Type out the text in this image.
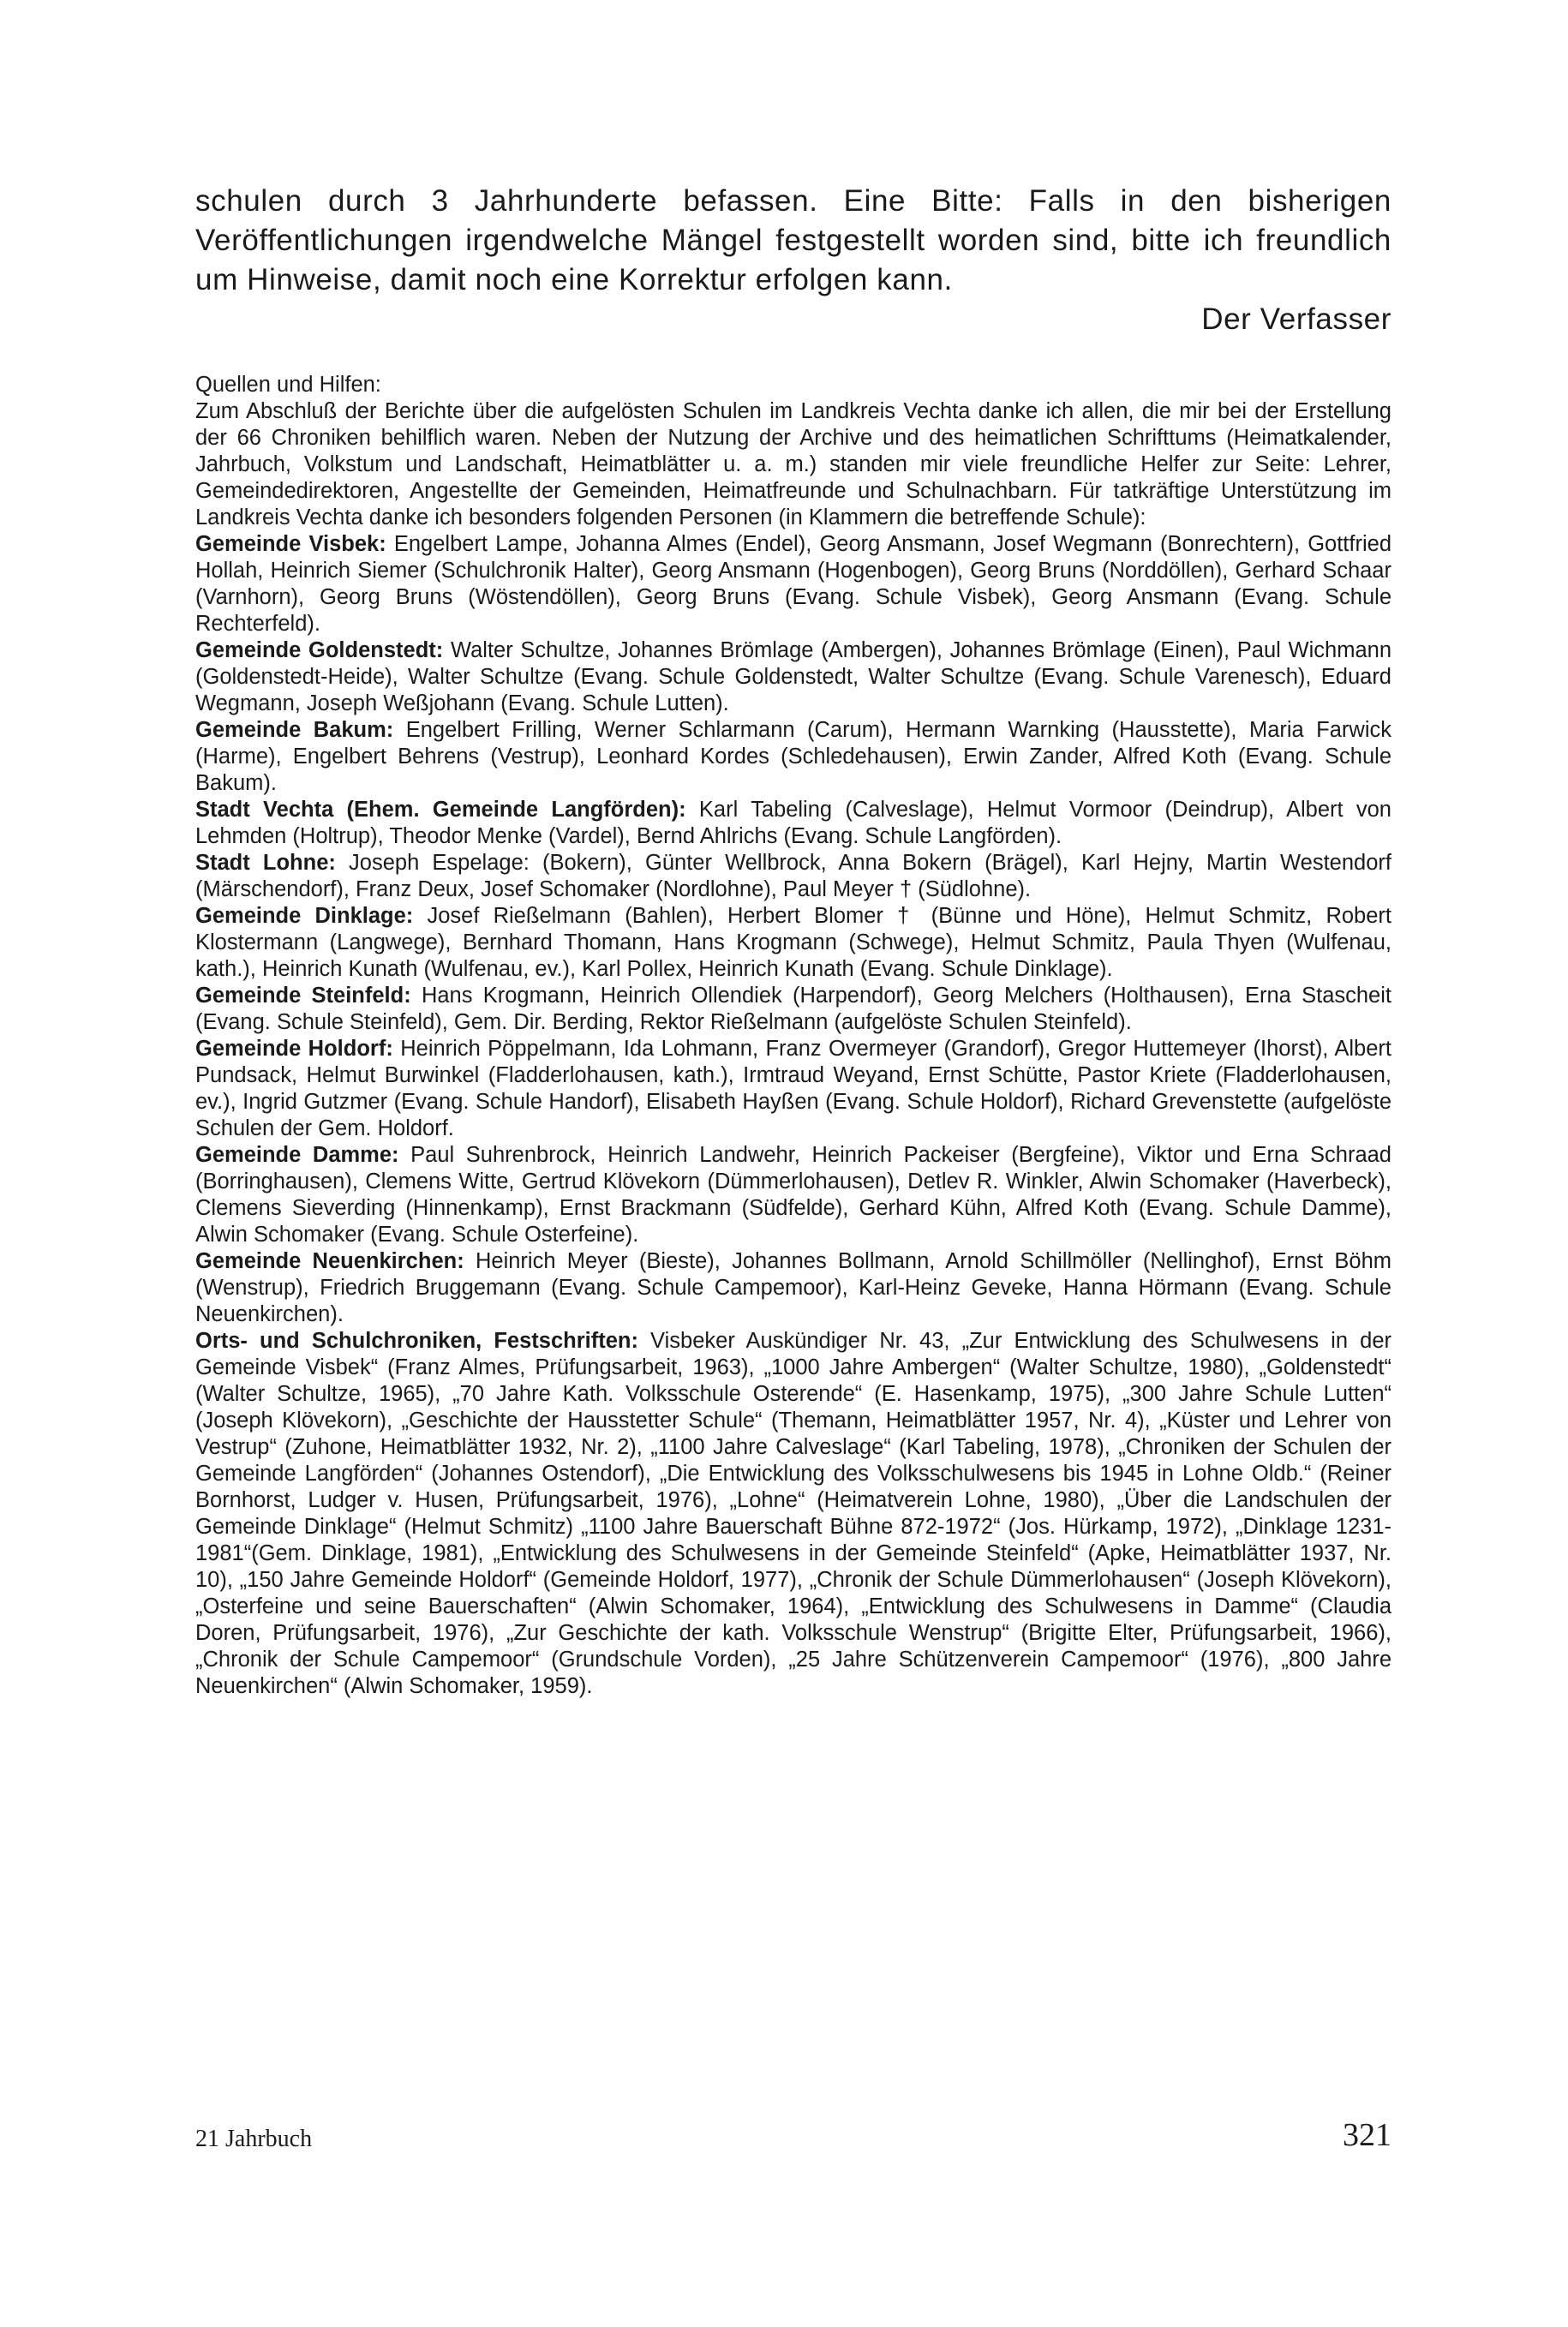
schulen durch 3 Jahrhunderte befassen. Eine Bitte: Falls in den bisherigen Veröffentlichungen irgendwelche Mängel festgestellt worden sind, bitte ich freundlich um Hinweise, damit noch eine Korrektur erfolgen kann.

Der Verfasser

Quellen und Hilfen:

Zum Abschluß der Berichte über die aufgelösten Schulen im Landkreis Vechta danke ich allen, die mir bei der Erstellung der 66 Chroniken behilflich waren. Neben der Nutzung der Archive und des heimatlichen Schrifttums (Heimatkalender, Jahrbuch, Volkstum und Landschaft, Heimatblätter u. a. m.) standen mir viele freundliche Helfer zur Seite: Lehrer, Gemeindedirektoren, Angestellte der Gemeinden, Heimatfreunde und Schulnachbarn. Für tatkräftige Unterstützung im Landkreis Vechta danke ich besonders folgenden Personen (in Klammern die betreffende Schule):

Gemeinde Visbek: Engelbert Lampe, Johanna Almes (Endel), Georg Ansmann, Josef Wegmann (Bonrechtern), Gottfried Hollah, Heinrich Siemer (Schulchronik Halter), Georg Ansmann (Hogenbogen), Georg Bruns (Norddöllen), Gerhard Schaar (Varnhorn), Georg Bruns (Wöstendöllen), Georg Bruns (Evang. Schule Visbek), Georg Ansmann (Evang. Schule Rechterfeld).

Gemeinde Goldenstedt: Walter Schultze, Johannes Brömlage (Ambergen), Johannes Brömlage (Einen), Paul Wichmann (Goldenstedt-Heide), Walter Schultze (Evang. Schule Goldenstedt, Walter Schultze (Evang. Schule Varenesch), Eduard Wegmann, Joseph Weßjohann (Evang. Schule Lutten).

Gemeinde Bakum: Engelbert Frilling, Werner Schlarmann (Carum), Hermann Warnking (Hausstette), Maria Farwick (Harme), Engelbert Behrens (Vestrup), Leonhard Kordes (Schledehausen), Erwin Zander, Alfred Koth (Evang. Schule Bakum).

Stadt Vechta (Ehem. Gemeinde Langförden): Karl Tabeling (Calveslage), Helmut Vormoor (Deindrup), Albert von Lehmden (Holtrup), Theodor Menke (Vardel), Bernd Ahlrichs (Evang. Schule Langförden).

Stadt Lohne: Joseph Espelage: (Bokern), Günter Wellbrock, Anna Bokern (Brägel), Karl Hejny, Martin Westendorf (Märschendorf), Franz Deux, Josef Schomaker (Nordlohne), Paul Meyer † (Südlohne).

Gemeinde Dinklage: Josef Rießelmann (Bahlen), Herbert Blomer † (Bünne und Höne), Helmut Schmitz, Robert Klostermann (Langwege), Bernhard Thomann, Hans Krogmann (Schwege), Helmut Schmitz, Paula Thyen (Wulfenau, kath.), Heinrich Kunath (Wulfenau, ev.), Karl Pollex, Heinrich Kunath (Evang. Schule Dinklage).

Gemeinde Steinfeld: Hans Krogmann, Heinrich Ollendiek (Harpendorf), Georg Melchers (Holthausen), Erna Stascheit (Evang. Schule Steinfeld), Gem. Dir. Berding, Rektor Rießelmann (aufgelöste Schulen Steinfeld).

Gemeinde Holdorf: Heinrich Pöppelmann, Ida Lohmann, Franz Overmeyer (Grandorf), Gregor Huttemeyer (Ihorst), Albert Pundsack, Helmut Burwinkel (Fladderlohausen, kath.), Irmtraud Weyand, Ernst Schütte, Pastor Kriete (Fladderlohausen, ev.), Ingrid Gutzmer (Evang. Schule Handorf), Elisabeth Hayßen (Evang. Schule Holdorf), Richard Grevenstette (aufgelöste Schulen der Gem. Holdorf.

Gemeinde Damme: Paul Suhrenbrock, Heinrich Landwehr, Heinrich Packeiser (Bergfeine), Viktor und Erna Schraad (Borringhausen), Clemens Witte, Gertrud Klövekorn (Dümmerlohausen), Detlev R. Winkler, Alwin Schomaker (Haverbeck), Clemens Sieverding (Hinnenkamp), Ernst Brackmann (Südfelde), Gerhard Kühn, Alfred Koth (Evang. Schule Damme), Alwin Schomaker (Evang. Schule Osterfeine).

Gemeinde Neuenkirchen: Heinrich Meyer (Bieste), Johannes Bollmann, Arnold Schillmöller (Nellinghof), Ernst Böhm (Wenstrup), Friedrich Bruggemann (Evang. Schule Campemoor), Karl-Heinz Geveke, Hanna Hörmann (Evang. Schule Neuenkirchen).

Orts- und Schulchroniken, Festschriften: Visbeker Auskündiger Nr. 43, „Zur Entwicklung des Schulwesens in der Gemeinde Visbek“ (Franz Almes, Prüfungsarbeit, 1963), „1000 Jahre Ambergen“ (Walter Schultze, 1980), „Goldenstedt“ (Walter Schultze, 1965), „70 Jahre Kath. Volksschule Osterende“ (E. Hasenkamp, 1975), „300 Jahre Schule Lutten“ (Joseph Klövekorn), „Geschichte der Hausstetter Schule“ (Themann, Heimatblätter 1957, Nr. 4), „Küster und Lehrer von Vestrup“ (Zuhone, Heimatblätter 1932, Nr. 2), „1100 Jahre Calveslage“ (Karl Tabeling, 1978), „Chroniken der Schulen der Gemeinde Langförden“ (Johannes Ostendorf), „Die Entwicklung des Volksschulwesens bis 1945 in Lohne Oldb.“ (Reiner Bornhorst, Ludger v. Husen, Prüfungsarbeit, 1976), „Lohne“ (Heimatverein Lohne, 1980), „Über die Landschulen der Gemeinde Dinklage“ (Helmut Schmitz) „1100 Jahre Bauerschaft Bühne 872-1972“ (Jos. Hürkamp, 1972), „Dinklage 1231-1981“(Gem. Dinklage, 1981), „Entwicklung des Schulwesens in der Gemeinde Steinfeld“ (Apke, Heimatblätter 1937, Nr. 10), „150 Jahre Gemeinde Holdorf“ (Gemeinde Holdorf, 1977), „Chronik der Schule Dümmerlohausen“ (Joseph Klövekorn), „Osterfeine und seine Bauerschaften“ (Alwin Schomaker, 1964), „Entwicklung des Schulwesens in Damme“ (Claudia Doren, Prüfungsarbeit, 1976), „Zur Geschichte der kath. Volksschule Wenstrup“ (Brigitte Elter, Prüfungsarbeit, 1966), „Chronik der Schule Campemoor“ (Grundschule Vorden), „25 Jahre Schützenverein Campemoor“ (1976), „800 Jahre Neuenkirchen“ (Alwin Schomaker, 1959).

21 Jahrbuch	321
